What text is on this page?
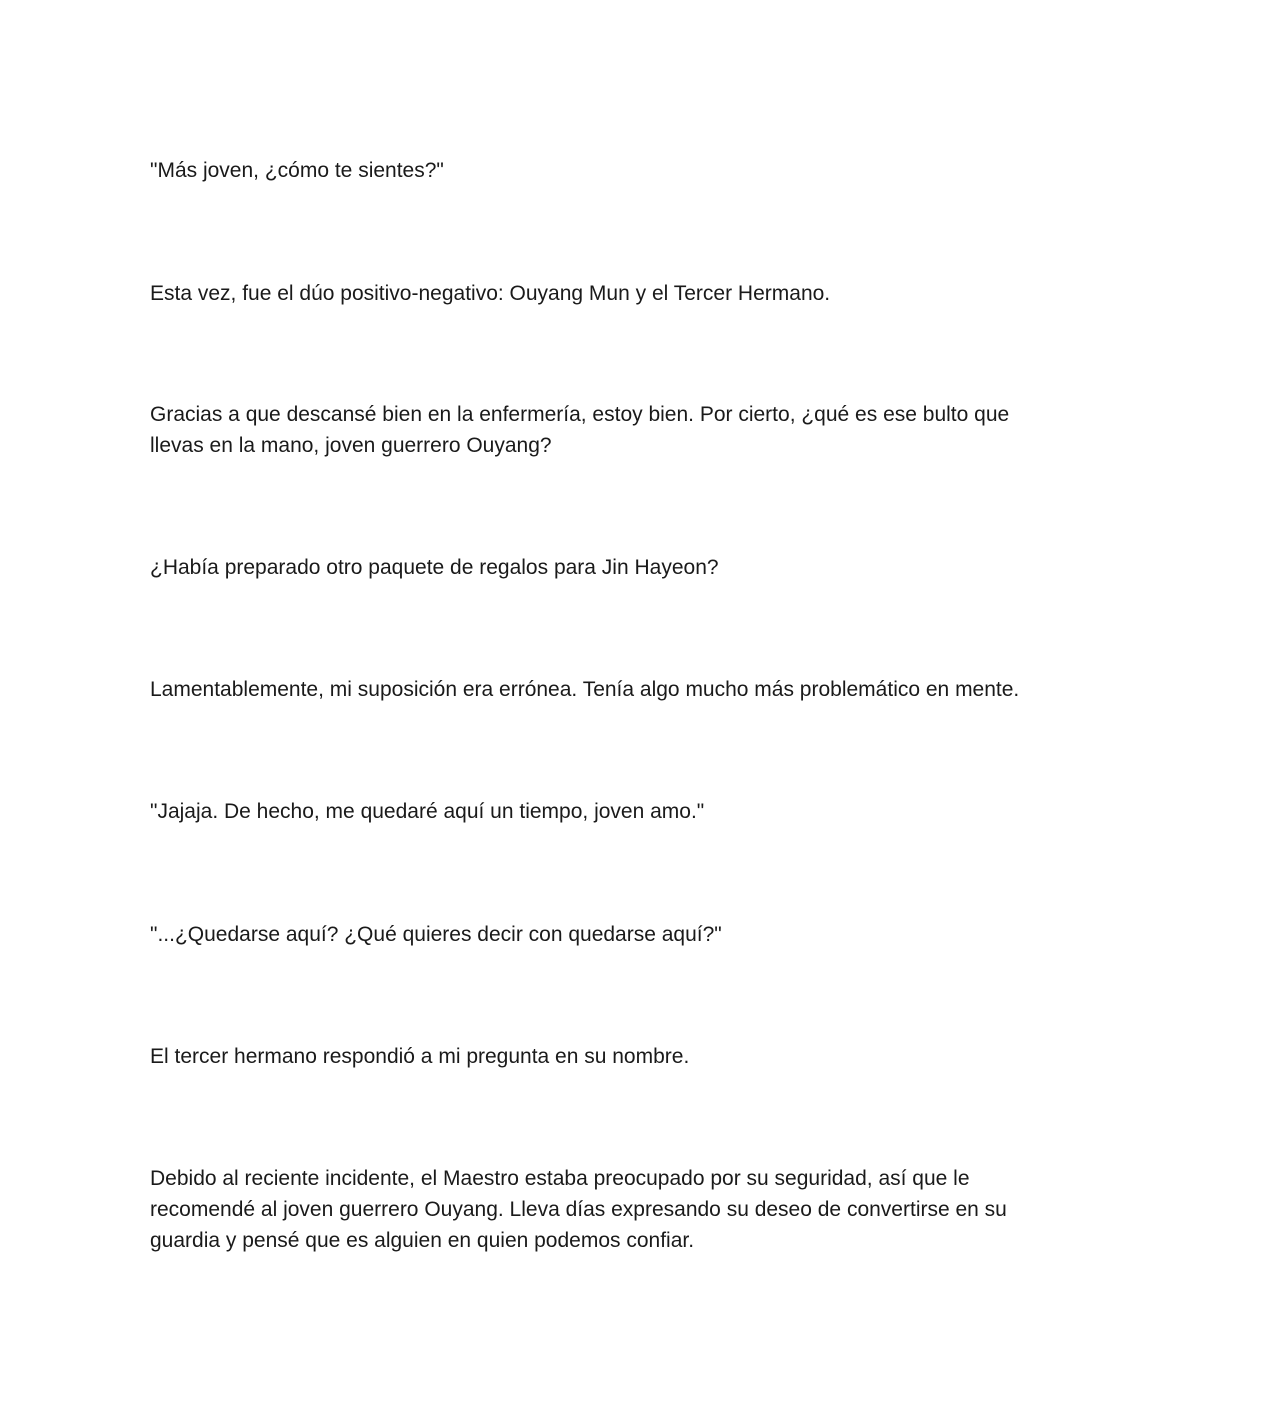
"Más joven, ¿cómo te sientes?"

Esta vez, fue el dúo positivo-negativo: Ouyang Mun y el Tercer Hermano.

Gracias a que descansé bien en la enfermería, estoy bien. Por cierto, ¿qué es ese bulto que
llevas en la mano, joven guerrero Ouyang?

¿Había preparado otro paquete de regalos para Jin Hayeon?

Lamentablemente, mi suposición era errónea. Tenía algo mucho más problemático en mente.

"Jajaja. De hecho, me quedaré aquí un tiempo, joven amo."

"...¿Quedarse aquí? ¿Qué quieres decir con quedarse aquí?"

El tercer hermano respondió a mi pregunta en su nombre.

Debido al reciente incidente, el Maestro estaba preocupado por su seguridad, así que le
recomendé al joven guerrero Ouyang. Lleva días expresando su deseo de convertirse en su
guardia y pensé que es alguien en quien podemos confiar.
